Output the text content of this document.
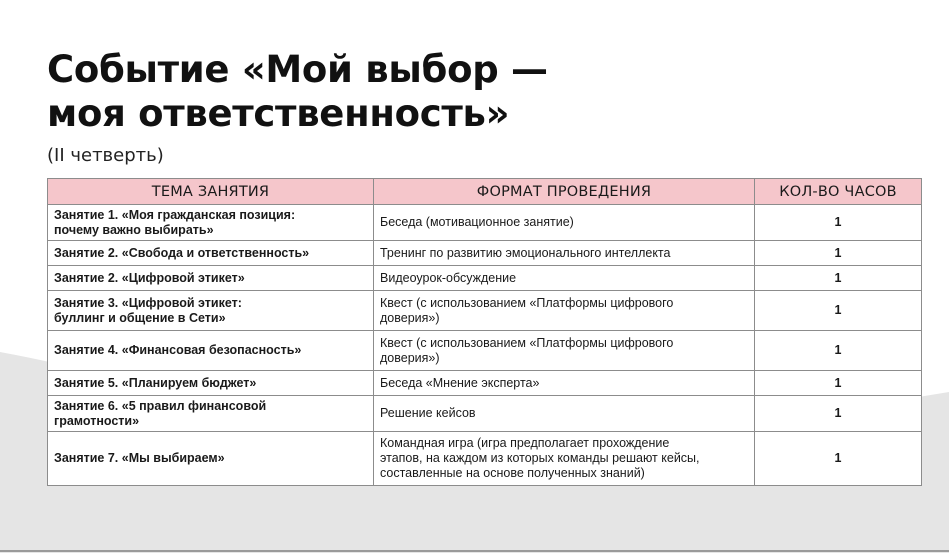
Событие «Мой выбор —
моя ответственность»
(II четверть)
ТЕМА ЗАНЯТИЯ	ФОРМАТ ПРОВЕДЕНИЯ	КОЛ-ВО ЧАСОВ

Занятие 1. «Моя гражданская позиция:
почему важно выбирать»	Беседа (мотивационное занятие)	1

Занятие 2. «Свобода и ответственность»	Тренинг по развитию эмоционального интеллекта	1

Занятие 2. «Цифровой этикет»	Видеоурок-обсуждение	1

Занятие 3. «Цифровой этикет:
буллинг и общение в Сети»	Квест (с использованием «Платформы цифрового
доверия»)	1

Занятие 4. «Финансовая безопасность»	Квест (с использованием «Платформы цифрового
доверия»)	1

Занятие 5. «Планируем бюджет»	Беседа «Мнение эксперта»	1

Занятие 6. «5 правил финансовой
грамотности»	Решение кейсов	1

Занятие 7. «Мы выбираем»	Командная игра (игра предполагает прохождение
этапов, на каждом из которых команды решают кейсы,
составленные на основе полученных знаний)	1
